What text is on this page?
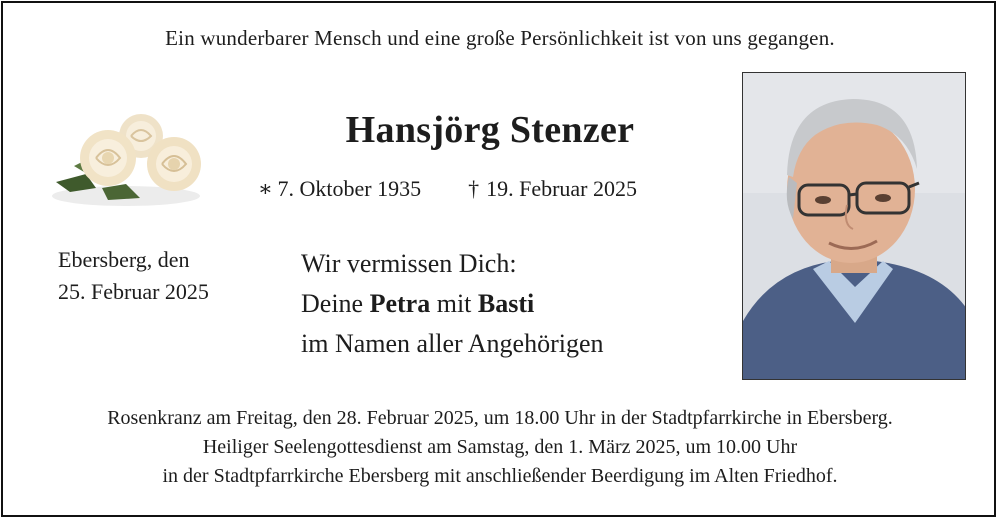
Ein wunderbarer Mensch und eine große Persönlichkeit ist von uns gegangen.
Hansjörg Stenzer
∗ 7. Oktober 1935 † 19. Februar 2025
Ebersberg, den
25. Februar 2025
Wir vermissen Dich:
Deine Petra mit Basti
im Namen aller Angehörigen
Rosenkranz am Freitag, den 28. Februar 2025, um 18.00 Uhr in der Stadtpfarrkirche in Ebersberg.
Heiliger Seelengottesdienst am Samstag, den 1. März 2025, um 10.00 Uhr
in der Stadtpfarrkirche Ebersberg mit anschließender Beerdigung im Alten Friedhof.
